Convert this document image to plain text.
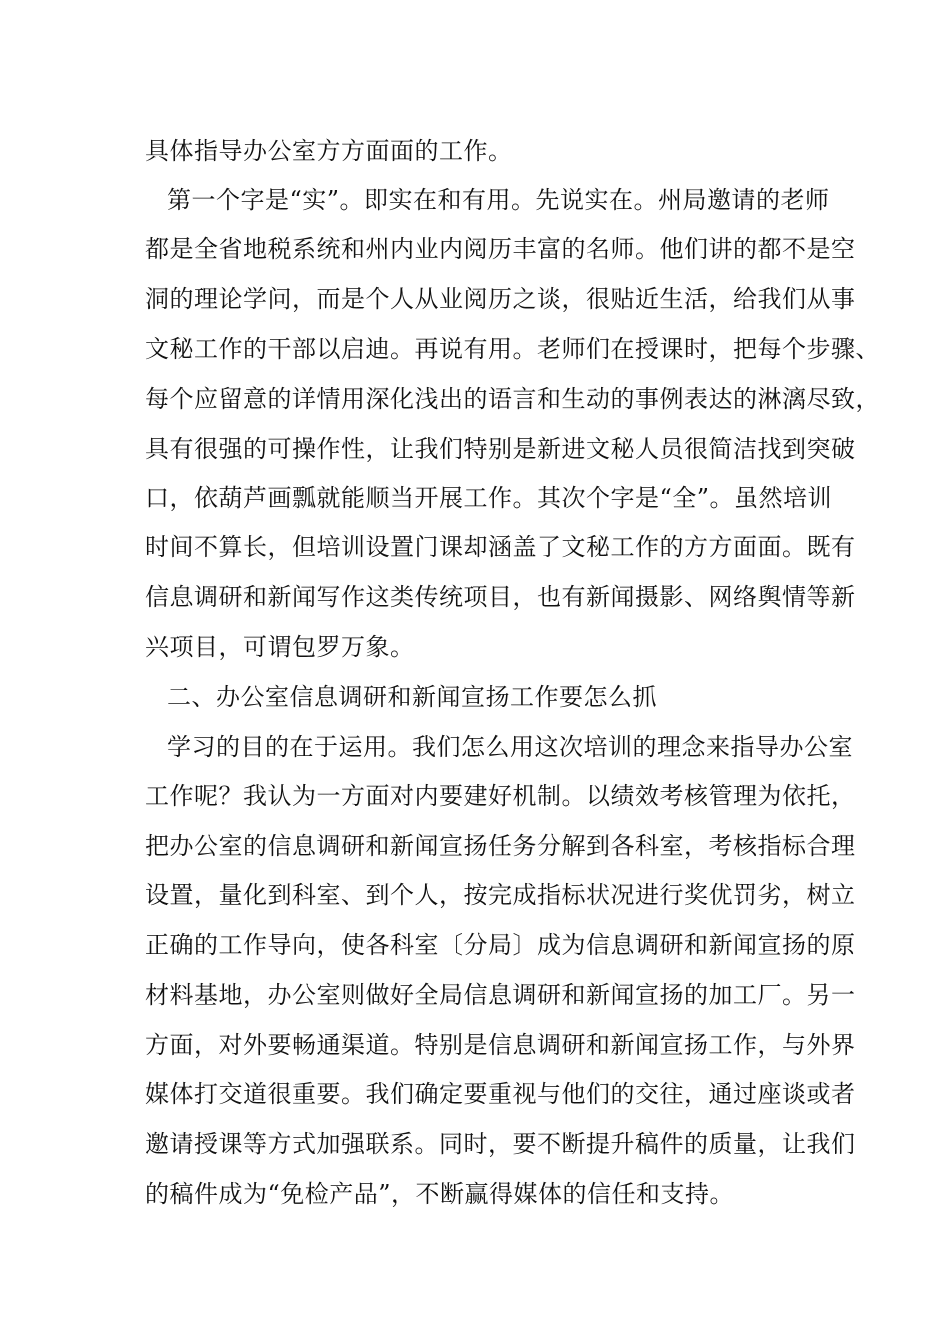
具体指导办公室方方面面的工作。
第一个字是“实”。即实在和有用。先说实在。州局邀请的老师
都是全省地税系统和州内业内阅历丰富的名师。他们讲的都不是空
洞的理论学问，而是个人从业阅历之谈，很贴近生活，给我们从事
文秘工作的干部以启迪。再说有用。老师们在授课时，把每个步骤、
每个应留意的详情用深化浅出的语言和生动的事例表达的淋漓尽致，
具有很强的可操作性，让我们特别是新进文秘人员很简洁找到突破
口，依葫芦画瓢就能顺当开展工作。其次个字是“全”。虽然培训
时间不算长，但培训设置门课却涵盖了文秘工作的方方面面。既有
信息调研和新闻写作这类传统项目，也有新闻摄影、网络舆情等新
兴项目，可谓包罗万象。
二、办公室信息调研和新闻宣扬工作要怎么抓
学习的目的在于运用。我们怎么用这次培训的理念来指导办公室
工作呢？我认为一方面对内要建好机制。以绩效考核管理为依托，
把办公室的信息调研和新闻宣扬任务分解到各科室，考核指标合理
设置，量化到科室、到个人，按完成指标状况进行奖优罚劣，树立
正确的工作导向，使各科室〔分局〕成为信息调研和新闻宣扬的原
材料基地，办公室则做好全局信息调研和新闻宣扬的加工厂。另一
方面，对外要畅通渠道。特别是信息调研和新闻宣扬工作，与外界
媒体打交道很重要。我们确定要重视与他们的交往，通过座谈或者
邀请授课等方式加强联系。同时，要不断提升稿件的质量，让我们
的稿件成为“免检产品”，不断赢得媒体的信任和支持。
